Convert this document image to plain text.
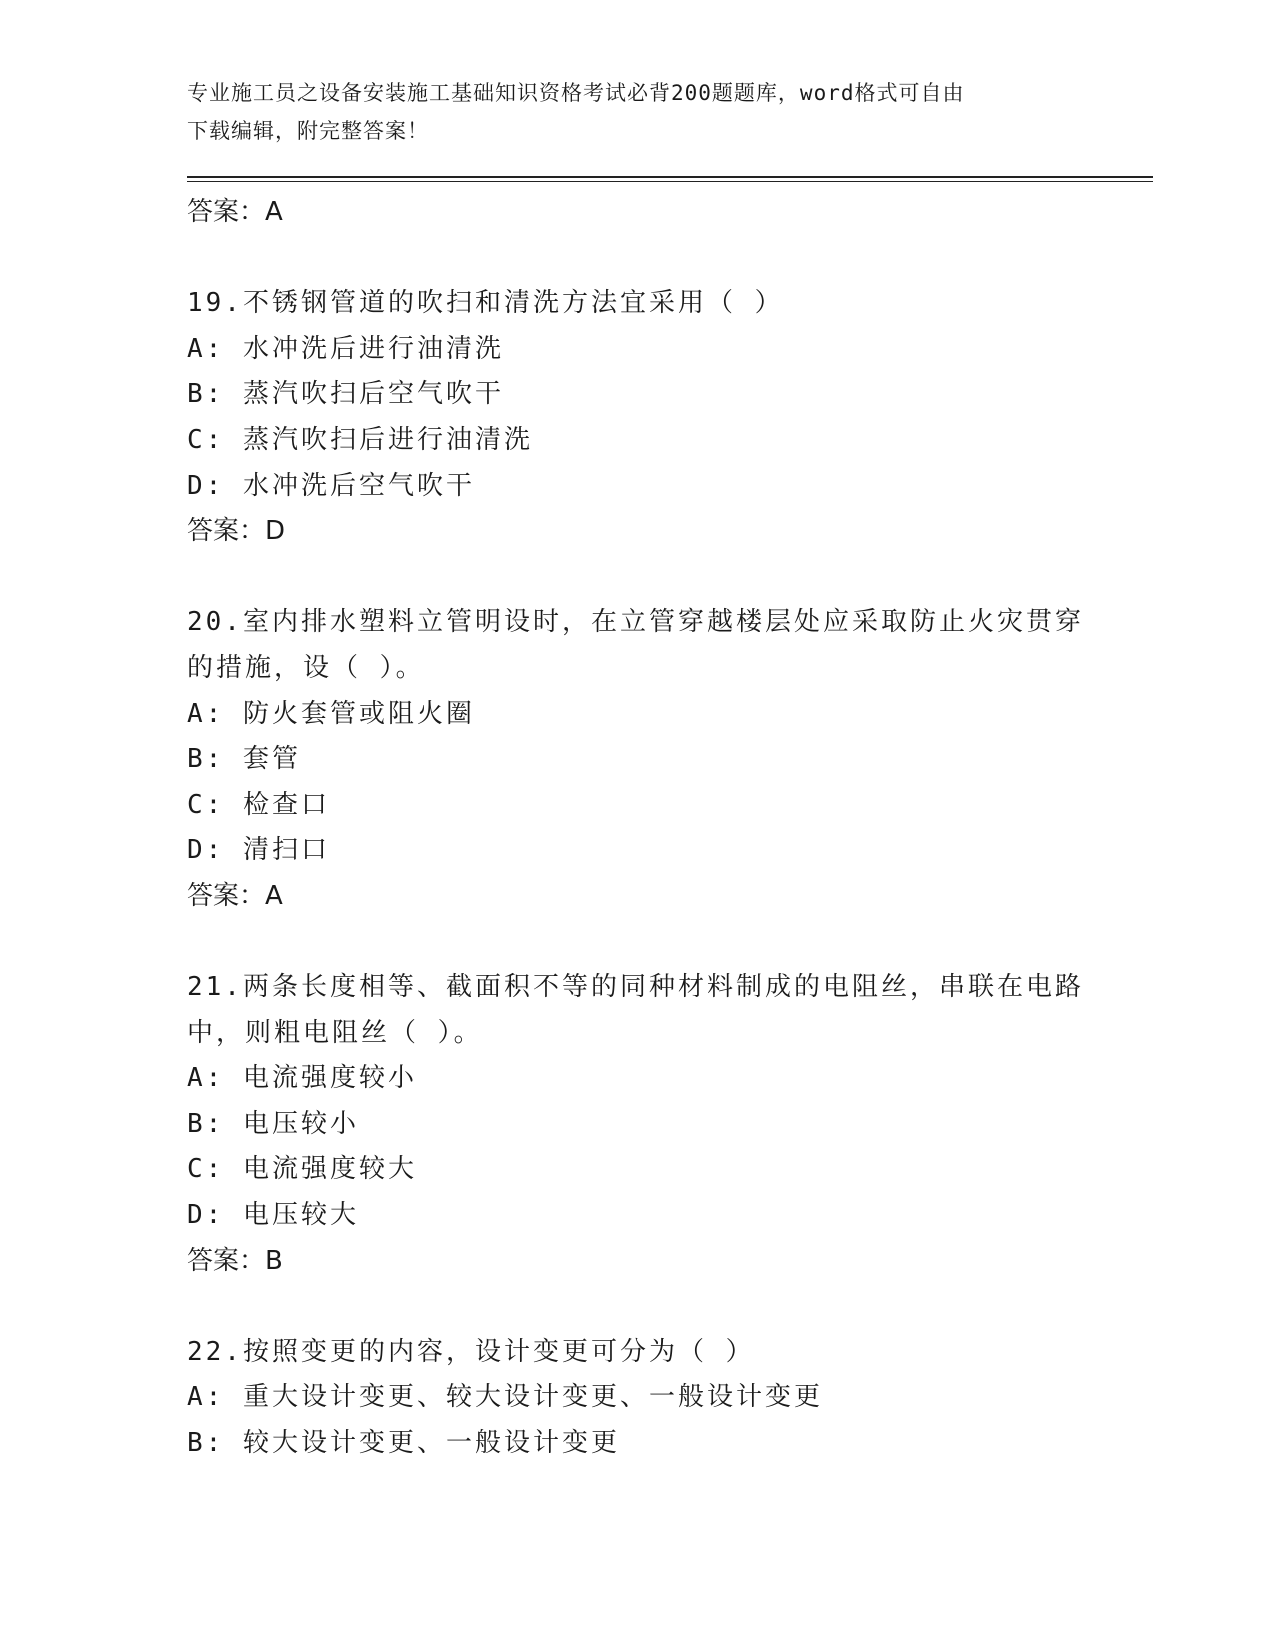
专业施工员之设备安装施工基础知识资格考试必背200题题库，word格式可自由
下载编辑，附完整答案！
答案：A
19.不锈钢管道的吹扫和清洗方法宜采用（ ）
A: 水冲洗后进行油清洗
B: 蒸汽吹扫后空气吹干
C: 蒸汽吹扫后进行油清洗
D: 水冲洗后空气吹干
答案：D
20.室内排水塑料立管明设时，在立管穿越楼层处应采取防止火灾贯穿
的措施，设（ ）。
A: 防火套管或阻火圈
B: 套管
C: 检查口
D: 清扫口
答案：A
21.两条长度相等、截面积不等的同种材料制成的电阻丝，串联在电路
中，则粗电阻丝（ ）。
A: 电流强度较小
B: 电压较小
C: 电流强度较大
D: 电压较大
答案：B
22.按照变更的内容，设计变更可分为（ ）
A: 重大设计变更、较大设计变更、一般设计变更
B: 较大设计变更、一般设计变更
